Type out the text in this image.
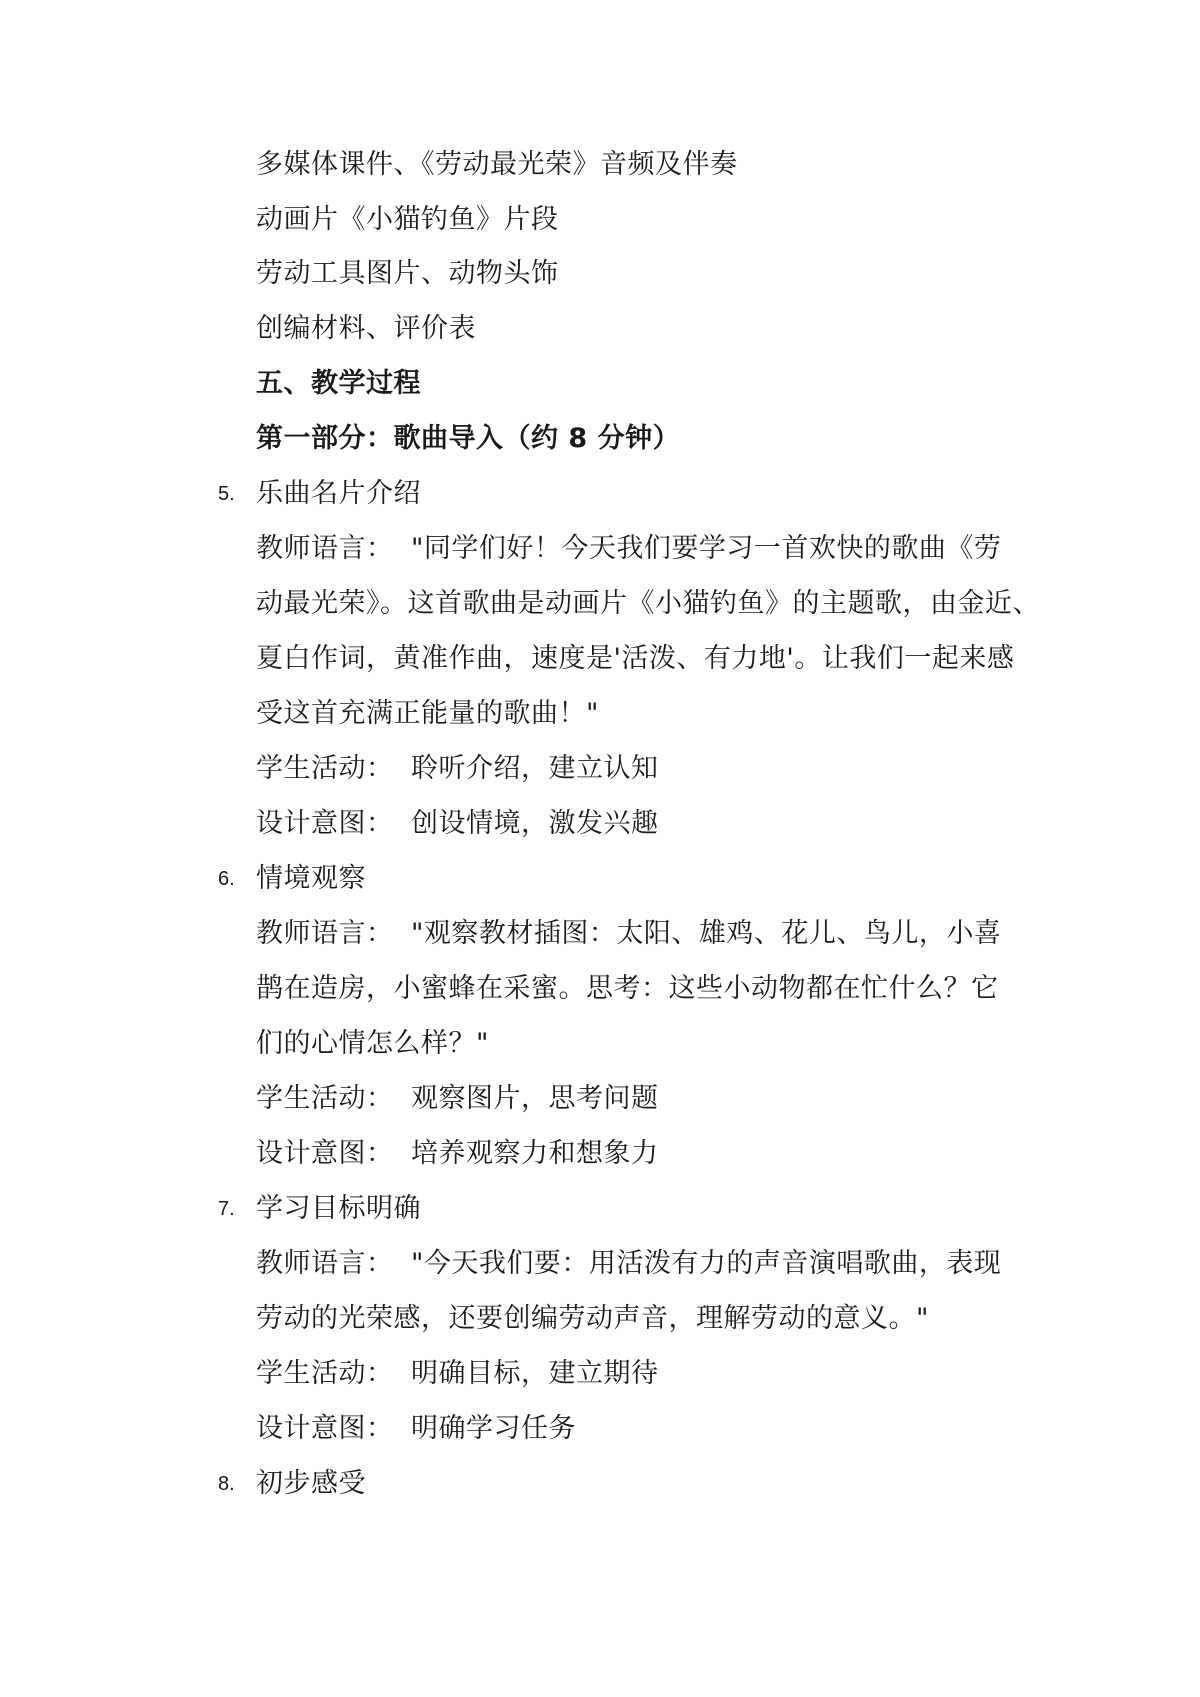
多媒体课件、《劳动最光荣》音频及伴奏
动画片《小猫钓鱼》片段
劳动工具图片、动物头饰
创编材料、评价表
五、教学过程
第一部分：歌曲导入（约 8 分钟）
5. 乐曲名片介绍
教师语言： "同学们好！今天我们要学习一首欢快的歌曲《劳
动最光荣》。这首歌曲是动画片《小猫钓鱼》的主题歌，由金近、
夏白作词，黄准作曲，速度是'活泼、有力地'。让我们一起来感
受这首充满正能量的歌曲！"
学生活动： 聆听介绍，建立认知
设计意图： 创设情境，激发兴趣
6. 情境观察
教师语言： "观察教材插图：太阳、雄鸡、花儿、鸟儿，小喜
鹊在造房，小蜜蜂在采蜜。思考：这些小动物都在忙什么？它
们的心情怎么样？"
学生活动： 观察图片，思考问题
设计意图： 培养观察力和想象力
7. 学习目标明确
教师语言： "今天我们要：用活泼有力的声音演唱歌曲，表现
劳动的光荣感，还要创编劳动声音，理解劳动的意义。"
学生活动： 明确目标，建立期待
设计意图： 明确学习任务
8. 初步感受
